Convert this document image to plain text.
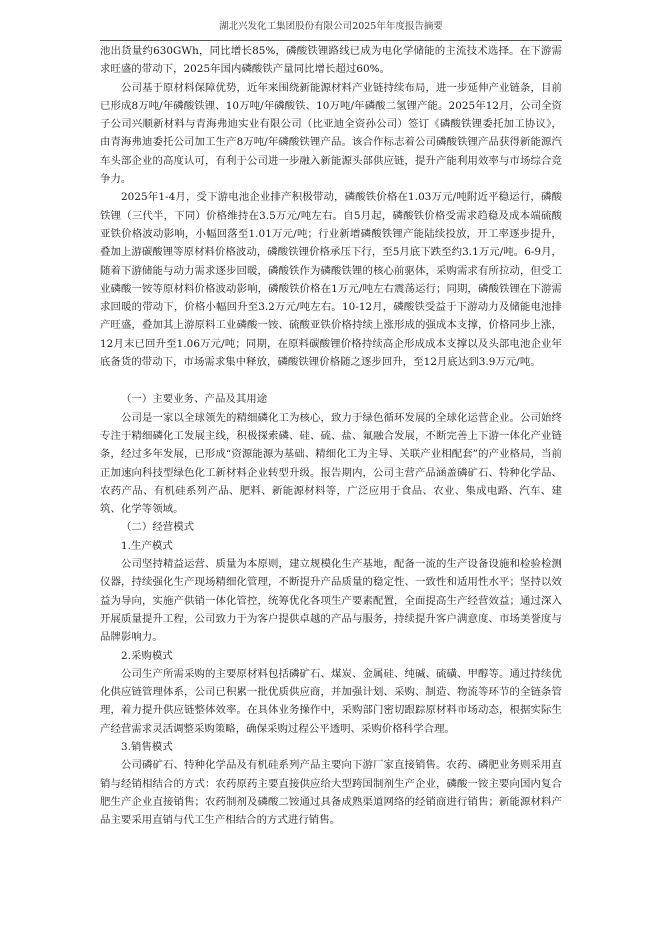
湖北兴发化工集团股份有限公司2025年年度报告摘要

池出货量约630GWh，同比增长85%，磷酸铁锂路线已成为电化学储能的主流技术选择。在下游需求旺盛的带动下，2025年国内磷酸铁产量同比增长超过60%。

公司基于原材料保障优势，近年来围绕新能源材料产业链持续布局，进一步延伸产业链条，目前已形成8万吨/年磷酸铁锂、10万吨/年磷酸铁、10万吨/年磷酸二氢锂产能。2025年12月，公司全资子公司兴顺新材料与青海弗迪实业有限公司（比亚迪全资孙公司）签订《磷酸铁锂委托加工协议》，由青海弗迪委托公司加工生产8万吨/年磷酸铁锂产品。该合作标志着公司磷酸铁锂产品获得新能源汽车头部企业的高度认可，有利于公司进一步融入新能源头部供应链，提升产能利用效率与市场综合竞争力。

2025年1-4月，受下游电池企业排产积极带动，磷酸铁价格在1.03万元/吨附近平稳运行，磷酸铁锂（三代半，下同）价格维持在3.5万元/吨左右。自5月起，磷酸铁价格受需求趋稳及成本端硫酸亚铁价格波动影响，小幅回落至1.01万元/吨；行业新增磷酸铁锂产能陆续投放，开工率逐步提升，叠加上游碳酸锂等原材料价格波动，磷酸铁锂价格承压下行，至5月底下跌至约3.1万元/吨。6-9月，随着下游储能与动力需求逐步回暖，磷酸铁作为磷酸铁锂的核心前驱体，采购需求有所拉动，但受工业磷酸一铵等原材料价格波动影响，磷酸铁价格在1万元/吨左右震荡运行；同期，磷酸铁锂在下游需求回暖的带动下，价格小幅回升至3.2万元/吨左右。10-12月，磷酸铁受益于下游动力及储能电池排产旺盛，叠加其上游原料工业磷酸一铵、硫酸亚铁价格持续上涨形成的强成本支撑，价格同步上涨，12月末已回升至1.06万元/吨；同期，在原料碳酸锂价格持续高企形成成本支撑以及头部电池企业年底备货的带动下，市场需求集中释放，磷酸铁锂价格随之逐步回升，至12月底达到3.9万元/吨。

（一）主要业务、产品及其用途

公司是一家以全球领先的精细磷化工为核心，致力于绿色循环发展的全球化运营企业。公司始终专注于精细磷化工发展主线，积极探索磷、硅、硫、盐、氟融合发展，不断完善上下游一体化产业链条，经过多年发展，已形成“资源能源为基础、精细化工为主导、关联产业相配套”的产业格局，当前正加速向科技型绿色化工新材料企业转型升级。报告期内，公司主营产品涵盖磷矿石、特种化学品、农药产品、有机硅系列产品、肥料、新能源材料等，广泛应用于食品、农业、集成电路、汽车、建筑、化学等领域。

（二）经营模式

1.生产模式

公司坚持精益运营、质量为本原则，建立规模化生产基地，配备一流的生产设备设施和检验检测仪器，持续强化生产现场精细化管理，不断提升产品质量的稳定性、一致性和适用性水平；坚持以效益为导向，实施产供销一体化管控，统筹优化各项生产要素配置，全面提高生产经营效益；通过深入开展质量提升工程，公司致力于为客户提供卓越的产品与服务，持续提升客户满意度、市场美誉度与品牌影响力。

2.采购模式

公司生产所需采购的主要原材料包括磷矿石、煤炭、金属硅、纯碱、硫磺、甲醇等。通过持续优化供应链管理体系，公司已积累一批优质供应商，并加强计划、采购、制造、物流等环节的全链条管理，着力提升供应链整体效率。在具体业务操作中，采购部门密切跟踪原材料市场动态，根据实际生产经营需求灵活调整采购策略，确保采购过程公平透明、采购价格科学合理。

3.销售模式

公司磷矿石、特种化学品及有机硅系列产品主要向下游厂家直接销售。农药、磷肥业务则采用直销与经销相结合的方式：农药原药主要直接供应给大型跨国制剂生产企业，磷酸一铵主要向国内复合肥生产企业直接销售；农药制剂及磷酸二铵通过具备成熟渠道网络的经销商进行销售；新能源材料产品主要采用直销与代工生产相结合的方式进行销售。
